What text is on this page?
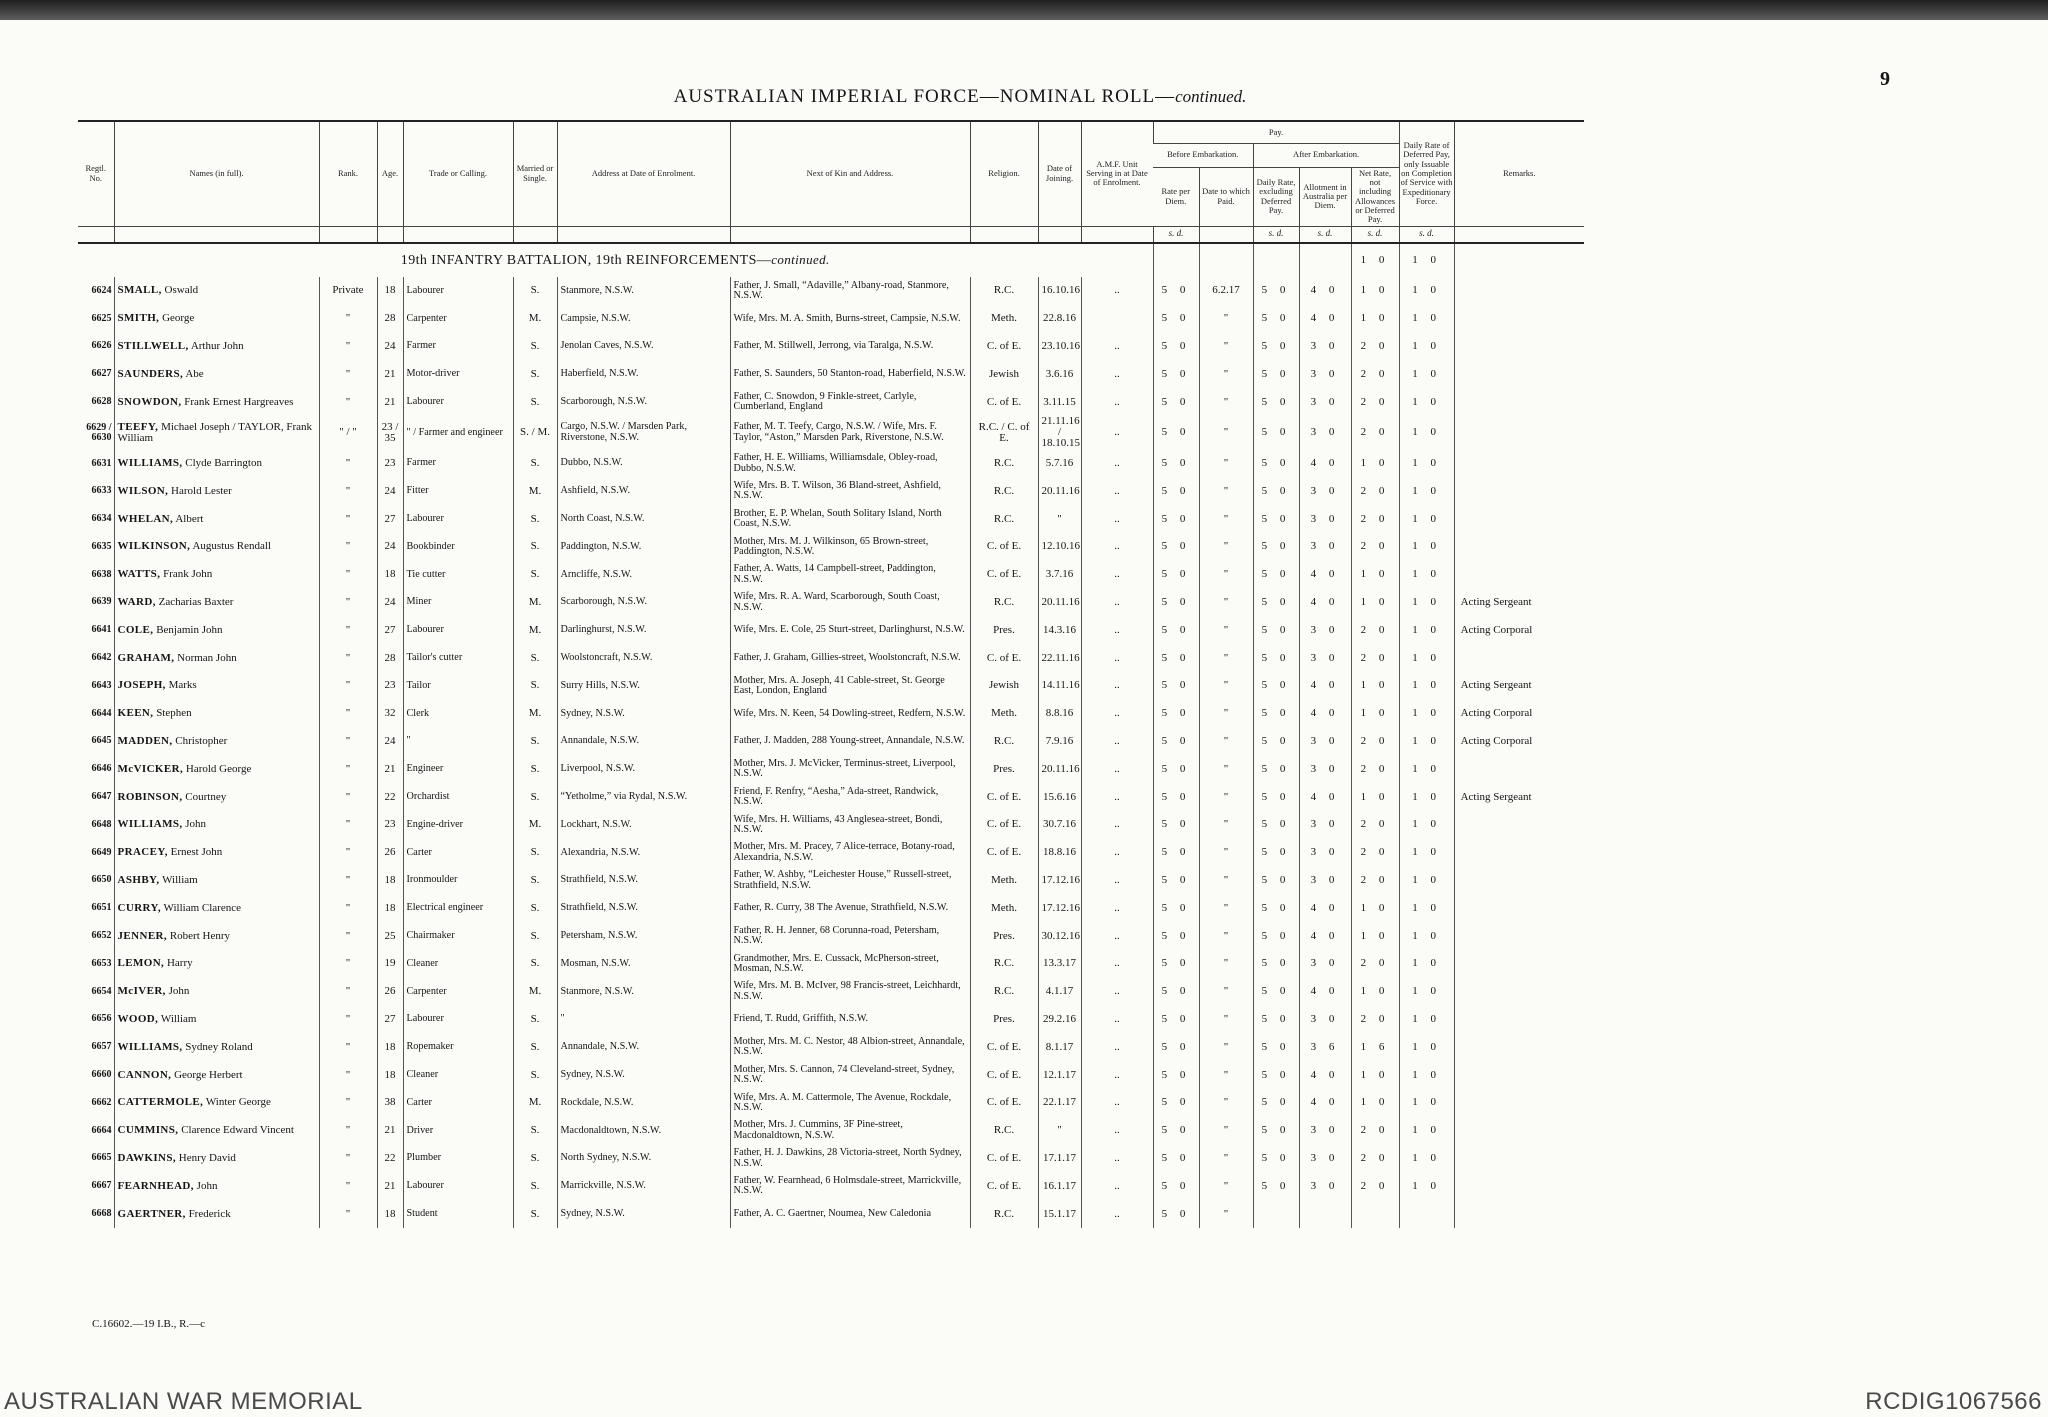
9
AUSTRALIAN IMPERIAL FORCE—NOMINAL ROLL—continued.
Regtl. No.	Names (in full).	Rank.	Age.	Trade or Calling.	Married or Single.	Address at Date of Enrolment.	Next of Kin and Address.	Religion.	Date of Joining.	A.M.F. Unit Serving in at Date of Enrolment.	Pay.					Daily Rate of Deferred Pay, only Issuable on Completion of Service with Expeditionary Force.	Remarks.
											Before Embarkation.		After Embarkation.				
											Rate per Diem.	Date to which Paid.	Daily Rate, excluding Deferred Pay.	Allotment in Australia per Diem.	Net Rate, not including Allowances or Deferred Pay.		
											s. d.		s. d.	s. d.	s. d.	s. d.	
19th INFANTRY BATTALION, 19th REINFORCEMENTS—continued.															1 0	1 0	
6624	SMALL, Oswald	Private	18	Labourer	S.	Stanmore, N.S.W.	Father, J. Small, “Adaville,” Albany-road, Stanmore, N.S.W.	R.C.	16.10.16	..	5 0	6.2.17	5 0	4 0	1 0	1 0	
6625	SMITH, George	"	28	Carpenter	M.	Campsie, N.S.W.	Wife, Mrs. M. A. Smith, Burns-street, Campsie, N.S.W.	Meth.	22.8.16		5 0	"	5 0	4 0	1 0	1 0	
6626	STILLWELL, Arthur John	"	24	Farmer	S.	Jenolan Caves, N.S.W.	Father, M. Stillwell, Jerrong, via Taralga, N.S.W.	C. of E.	23.10.16	..	5 0	"	5 0	3 0	2 0	1 0	
6627	SAUNDERS, Abe	"	21	Motor-driver	S.	Haberfield, N.S.W.	Father, S. Saunders, 50 Stanton-road, Haberfield, N.S.W.	Jewish	3.6.16	..	5 0	"	5 0	3 0	2 0	1 0	
6628	SNOWDON, Frank Ernest Hargreaves	"	21	Labourer	S.	Scarborough, N.S.W.	Father, C. Snowdon, 9 Finkle-street, Carlyle, Cumberland, England	C. of E.	3.11.15	..	5 0	"	5 0	3 0	2 0	1 0	
6629 / 6630	TEEFY, Michael Joseph / TAYLOR, Frank William	" / "	23 / 35	" / Farmer and engineer	S. / M.	Cargo, N.S.W. / Marsden Park, Riverstone, N.S.W.	Father, M. T. Teefy, Cargo, N.S.W. / Wife, Mrs. F. Taylor, “Aston,” Marsden Park, Riverstone, N.S.W.	R.C. / C. of E.	21.11.16 / 18.10.15	..	5 0	"	5 0	3 0	2 0	1 0	
6631	WILLIAMS, Clyde Barrington	"	23	Farmer	S.	Dubbo, N.S.W.	Father, H. E. Williams, Williamsdale, Obley-road, Dubbo, N.S.W.	R.C.	5.7.16	..	5 0	"	5 0	4 0	1 0	1 0	
6633	WILSON, Harold Lester	"	24	Fitter	M.	Ashfield, N.S.W.	Wife, Mrs. B. T. Wilson, 36 Bland-street, Ashfield, N.S.W.	R.C.	20.11.16	..	5 0	"	5 0	3 0	2 0	1 0	
6634	WHELAN, Albert	"	27	Labourer	S.	North Coast, N.S.W.	Brother, E. P. Whelan, South Solitary Island, North Coast, N.S.W.	R.C.	"	..	5 0	"	5 0	3 0	2 0	1 0	
6635	WILKINSON, Augustus Rendall	"	24	Bookbinder	S.	Paddington, N.S.W.	Mother, Mrs. M. J. Wilkinson, 65 Brown-street, Paddington, N.S.W.	C. of E.	12.10.16	..	5 0	"	5 0	3 0	2 0	1 0	
6638	WATTS, Frank John	"	18	Tie cutter	S.	Arncliffe, N.S.W.	Father, A. Watts, 14 Campbell-street, Paddington, N.S.W.	C. of E.	3.7.16	..	5 0	"	5 0	4 0	1 0	1 0	
6639	WARD, Zacharias Baxter	"	24	Miner	M.	Scarborough, N.S.W.	Wife, Mrs. R. A. Ward, Scarborough, South Coast, N.S.W.	R.C.	20.11.16	..	5 0	"	5 0	4 0	1 0	1 0	Acting Sergeant
6641	COLE, Benjamin John	"	27	Labourer	M.	Darlinghurst, N.S.W.	Wife, Mrs. E. Cole, 25 Sturt-street, Darlinghurst, N.S.W.	Pres.	14.3.16	..	5 0	"	5 0	3 0	2 0	1 0	Acting Corporal
6642	GRAHAM, Norman John	"	28	Tailor's cutter	S.	Woolstoncraft, N.S.W.	Father, J. Graham, Gillies-street, Woolstoncraft, N.S.W.	C. of E.	22.11.16	..	5 0	"	5 0	3 0	2 0	1 0	
6643	JOSEPH, Marks	"	23	Tailor	S.	Surry Hills, N.S.W.	Mother, Mrs. A. Joseph, 41 Cable-street, St. George East, London, England	Jewish	14.11.16	..	5 0	"	5 0	4 0	1 0	1 0	Acting Sergeant
6644	KEEN, Stephen	"	32	Clerk	M.	Sydney, N.S.W.	Wife, Mrs. N. Keen, 54 Dowling-street, Redfern, N.S.W.	Meth.	8.8.16	..	5 0	"	5 0	4 0	1 0	1 0	Acting Corporal
6645	MADDEN, Christopher	"	24	"	S.	Annandale, N.S.W.	Father, J. Madden, 288 Young-street, Annandale, N.S.W.	R.C.	7.9.16	..	5 0	"	5 0	3 0	2 0	1 0	Acting Corporal
6646	McVICKER, Harold George	"	21	Engineer	S.	Liverpool, N.S.W.	Mother, Mrs. J. McVicker, Terminus-street, Liverpool, N.S.W.	Pres.	20.11.16	..	5 0	"	5 0	3 0	2 0	1 0	
6647	ROBINSON, Courtney	"	22	Orchardist	S.	“Yetholme,” via Rydal, N.S.W.	Friend, F. Renfry, “Aesha,” Ada-street, Randwick, N.S.W.	C. of E.	15.6.16	..	5 0	"	5 0	4 0	1 0	1 0	Acting Sergeant
6648	WILLIAMS, John	"	23	Engine-driver	M.	Lockhart, N.S.W.	Wife, Mrs. H. Williams, 43 Anglesea-street, Bondi, N.S.W.	C. of E.	30.7.16	..	5 0	"	5 0	3 0	2 0	1 0	
6649	PRACEY, Ernest John	"	26	Carter	S.	Alexandria, N.S.W.	Mother, Mrs. M. Pracey, 7 Alice-terrace, Botany-road, Alexandria, N.S.W.	C. of E.	18.8.16	..	5 0	"	5 0	3 0	2 0	1 0	
6650	ASHBY, William	"	18	Ironmoulder	S.	Strathfield, N.S.W.	Father, W. Ashby, “Leichester House,” Russell-street, Strathfield, N.S.W.	Meth.	17.12.16	..	5 0	"	5 0	3 0	2 0	1 0	
6651	CURRY, William Clarence	"	18	Electrical engineer	S.	Strathfield, N.S.W.	Father, R. Curry, 38 The Avenue, Strathfield, N.S.W.	Meth.	17.12.16	..	5 0	"	5 0	4 0	1 0	1 0	
6652	JENNER, Robert Henry	"	25	Chairmaker	S.	Petersham, N.S.W.	Father, R. H. Jenner, 68 Corunna-road, Petersham, N.S.W.	Pres.	30.12.16	..	5 0	"	5 0	4 0	1 0	1 0	
6653	LEMON, Harry	"	19	Cleaner	S.	Mosman, N.S.W.	Grandmother, Mrs. E. Cussack, McPherson-street, Mosman, N.S.W.	R.C.	13.3.17	..	5 0	"	5 0	3 0	2 0	1 0	
6654	McIVER, John	"	26	Carpenter	M.	Stanmore, N.S.W.	Wife, Mrs. M. B. McIver, 98 Francis-street, Leichhardt, N.S.W.	R.C.	4.1.17	..	5 0	"	5 0	4 0	1 0	1 0	
6656	WOOD, William	"	27	Labourer	S.	"	Friend, T. Rudd, Griffith, N.S.W.	Pres.	29.2.16	..	5 0	"	5 0	3 0	2 0	1 0	
6657	WILLIAMS, Sydney Roland	"	18	Ropemaker	S.	Annandale, N.S.W.	Mother, Mrs. M. C. Nestor, 48 Albion-street, Annandale, N.S.W.	C. of E.	8.1.17	..	5 0	"	5 0	3 6	1 6	1 0	
6660	CANNON, George Herbert	"	18	Cleaner	S.	Sydney, N.S.W.	Mother, Mrs. S. Cannon, 74 Cleveland-street, Sydney, N.S.W.	C. of E.	12.1.17	..	5 0	"	5 0	4 0	1 0	1 0	
6662	CATTERMOLE, Winter George	"	38	Carter	M.	Rockdale, N.S.W.	Wife, Mrs. A. M. Cattermole, The Avenue, Rockdale, N.S.W.	C. of E.	22.1.17	..	5 0	"	5 0	4 0	1 0	1 0	
6664	CUMMINS, Clarence Edward Vincent	"	21	Driver	S.	Macdonaldtown, N.S.W.	Mother, Mrs. J. Cummins, 3F Pine-street, Macdonaldtown, N.S.W.	R.C.	"	..	5 0	"	5 0	3 0	2 0	1 0	
6665	DAWKINS, Henry David	"	22	Plumber	S.	North Sydney, N.S.W.	Father, H. J. Dawkins, 28 Victoria-street, North Sydney, N.S.W.	C. of E.	17.1.17	..	5 0	"	5 0	3 0	2 0	1 0	
6667	FEARNHEAD, John	"	21	Labourer	S.	Marrickville, N.S.W.	Father, W. Fearnhead, 6 Holmsdale-street, Marrickville, N.S.W.	C. of E.	16.1.17	..	5 0	"	5 0	3 0	2 0	1 0	
6668	GAERTNER, Frederick	"	18	Student	S.	Sydney, N.S.W.	Father, A. C. Gaertner, Noumea, New Caledonia	R.C.	15.1.17	..	5 0	"					
C.16602.—19 I.B., R.—c
AUSTRALIAN WAR MEMORIAL	RCDIG1067566
